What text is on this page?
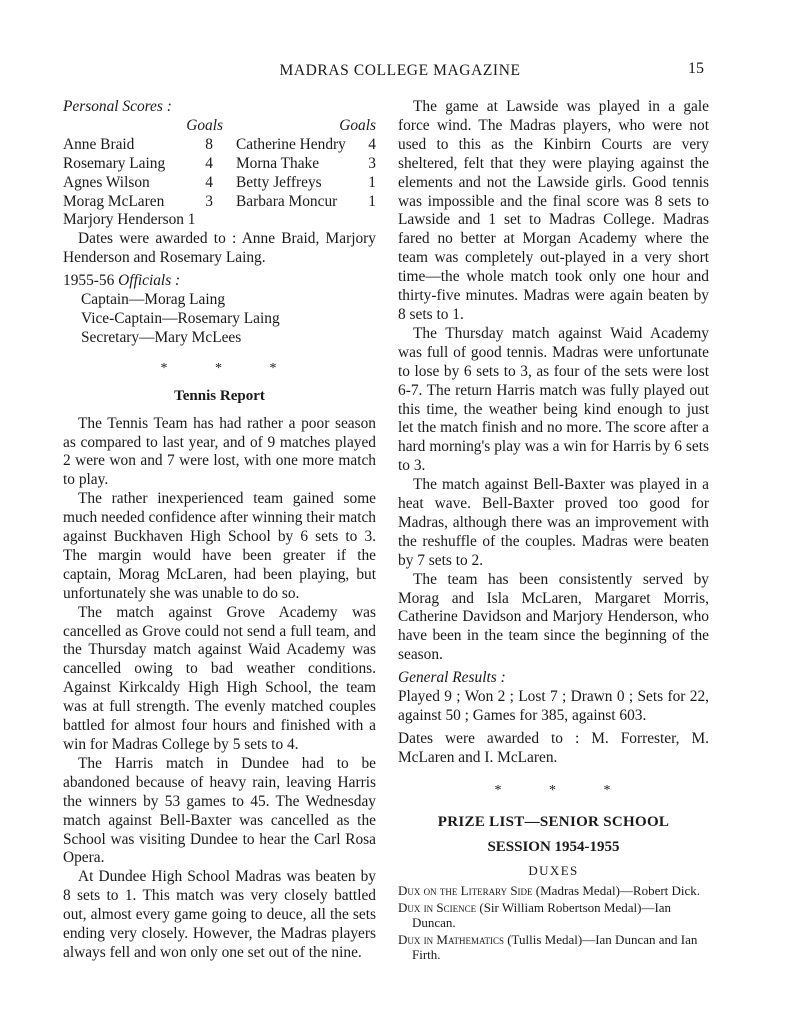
MADRAS COLLEGE MAGAZINE	15
Personal Scores :
Goals	Goals
Anne Braid	8 Catherine Hendry 4
Rosemary Laing	4 Morna Thake	3
Agnes Wilson	4 Betty Jeffreys	1
Morag McLaren	3 Barbara Moncur 1
Marjory Henderson 1

Dates were awarded to : Anne Braid, Marjory Henderson and Rosemary Laing.

1955-56 Officials :
Captain—Morag Laing
Vice-Captain—Rosemary Laing
Secretary—Mary McLees
* * *
Tennis Report

The Tennis Team has had rather a poor season as compared to last year, and of 9 matches played 2 were won and 7 were lost, with one more match to play.

The rather inexperienced team gained some much needed confidence after winning their match against Buckhaven High School by 6 sets to 3. The margin would have been greater if the captain, Morag McLaren, had been playing, but unfortunately she was unable to do so.

The match against Grove Academy was cancelled as Grove could not send a full team, and the Thursday match against Waid Academy was cancelled owing to bad weather conditions. Against Kirkcaldy High High School, the team was at full strength. The evenly matched couples battled for almost four hours and finished with a win for Madras College by 5 sets to 4.

The Harris match in Dundee had to be abandoned because of heavy rain, leaving Harris the winners by 53 games to 45. The Wednesday match against Bell-Baxter was cancelled as the School was visiting Dundee to hear the Carl Rosa Opera.

At Dundee High School Madras was beaten by 8 sets to 1. This match was very closely battled out, almost every game going to deuce, all the sets ending very closely. However, the Madras players always fell and won only one set out of the nine.

The game at Lawside was played in a gale force wind. The Madras players, who were not used to this as the Kinbirn Courts are very sheltered, felt that they were playing against the elements and not the Lawside girls. Good tennis was impossible and the final score was 8 sets to Lawside and 1 set to Madras College. Madras fared no better at Morgan Academy where the team was completely out-played in a very short time—the whole match took only one hour and thirty-five minutes. Madras were again beaten by 8 sets to 1.

The Thursday match against Waid Academy was full of good tennis. Madras were unfortunate to lose by 6 sets to 3, as four of the sets were lost 6-7. The return Harris match was fully played out this time, the weather being kind enough to just let the match finish and no more. The score after a hard morning's play was a win for Harris by 6 sets to 3.

The match against Bell-Baxter was played in a heat wave. Bell-Baxter proved too good for Madras, although there was an improvement with the reshuffle of the couples. Madras were beaten by 7 sets to 2.

The team has been consistently served by Morag and Isla McLaren, Margaret Morris, Catherine Davidson and Marjory Henderson, who have been in the team since the beginning of the season.

General Results :

Played 9 ; Won 2 ; Lost 7 ; Drawn 0 ; Sets for 22, against 50 ; Games for 385, against 603.

Dates were awarded to : M. Forrester, M. McLaren and I. McLaren.

* * *
PRIZE LIST—SENIOR SCHOOL
SESSION 1954-1955
DUXES
Dux on the Literary Side (Madras Medal)—Robert Dick.
Dux in Science (Sir William Robertson Medal)—Ian Duncan.
Dux in Mathematics (Tullis Medal)—Ian Duncan and Ian Firth.
